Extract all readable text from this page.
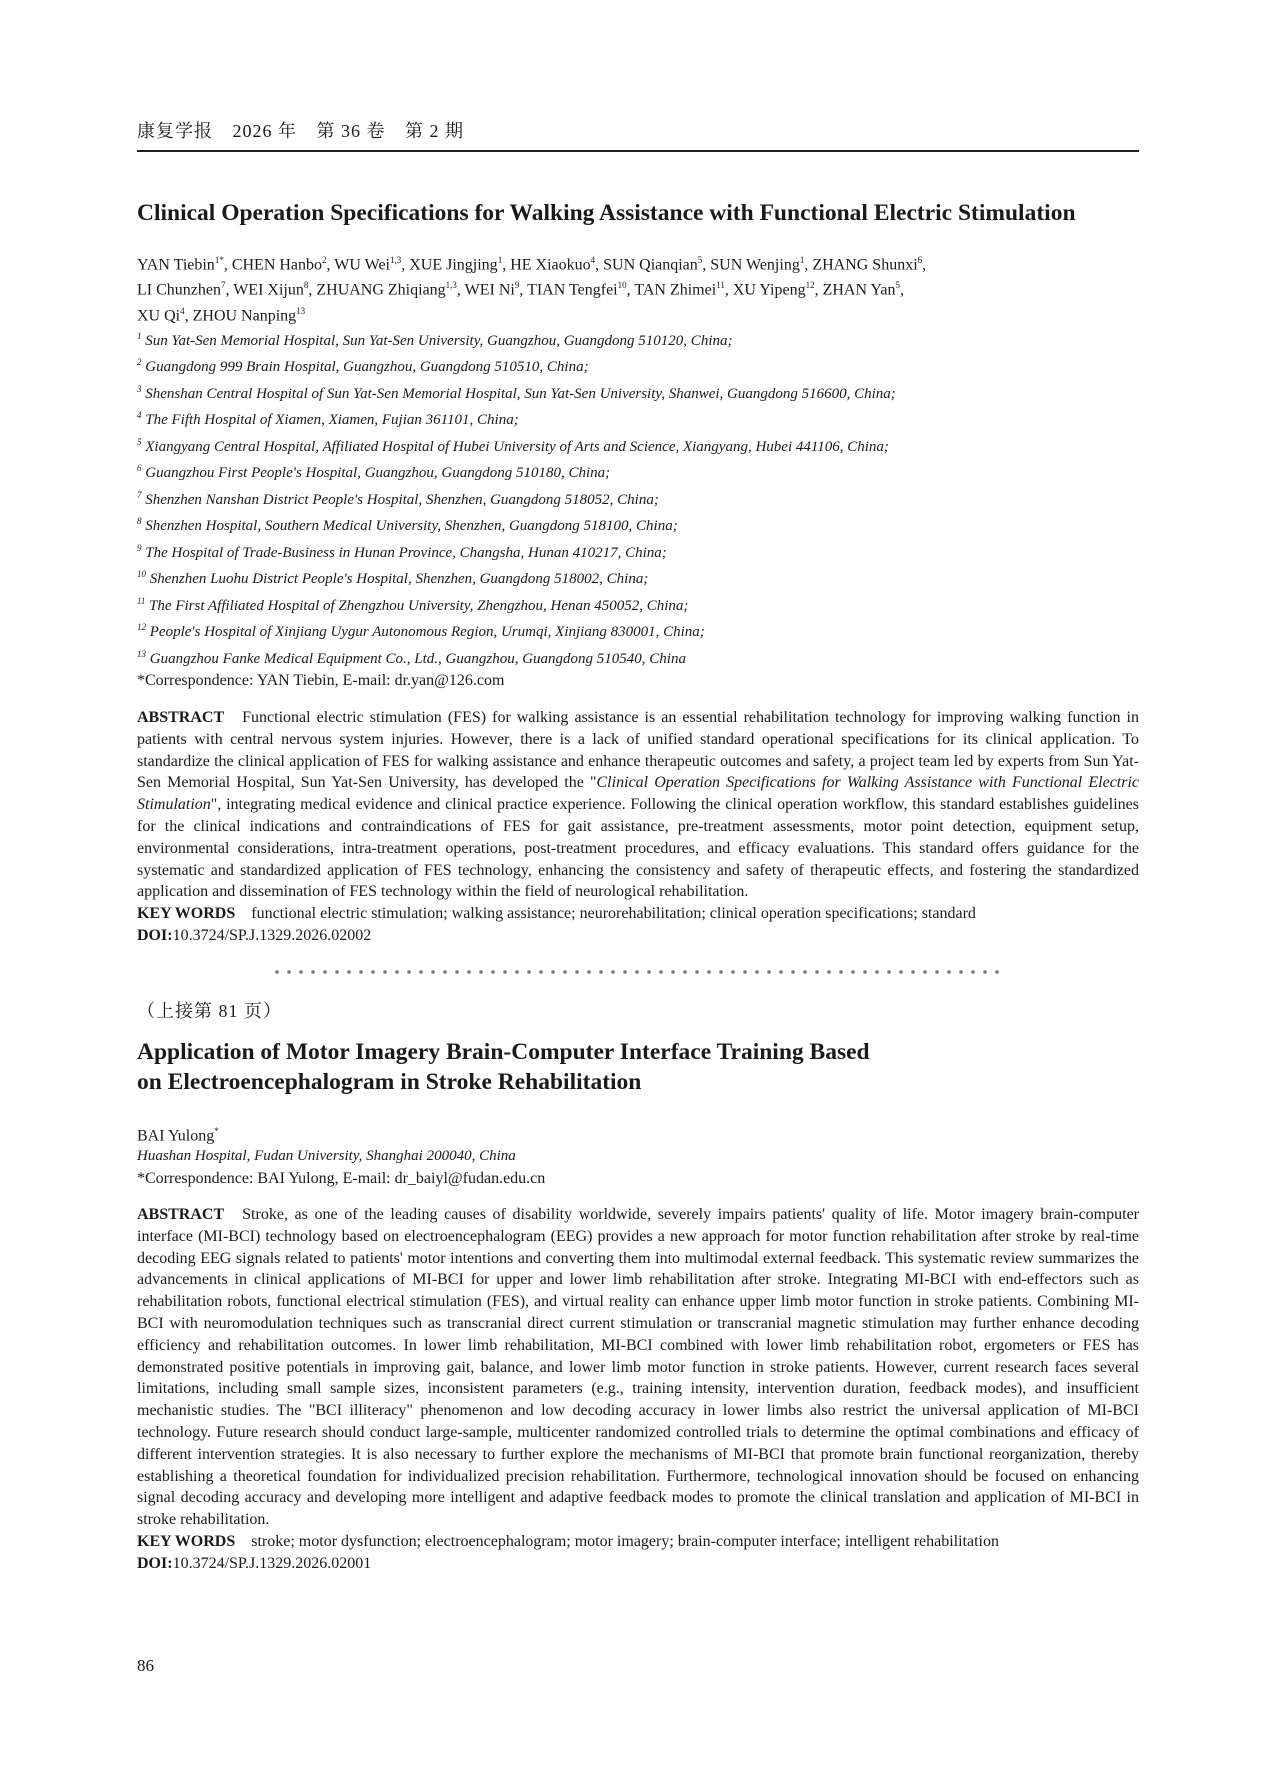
康复学报 2026 年 第 36 卷 第 2 期
Clinical Operation Specifications for Walking Assistance with Functional Electric Stimulation
YAN Tiebin$^{1*}$, CHEN Hanbo$^2$, WU Wei$^{1,3}$, XUE Jingjing$^1$, HE Xiaokuo$^4$, SUN Qianqian$^5$, SUN Wenjing$^1$, ZHANG Shunxi$^6$,
LI Chunzhen$^7$, WEI Xijun$^8$, ZHUANG Zhiqiang$^{1,3}$, WEI Ni$^9$, TIAN Tengfei$^{10}$, TAN Zhimei$^{11}$, XU Yipeng$^{12}$, ZHAN Yan$^5$,
XU Qi$^4$, ZHOU Nanping$^{13}$
$^1$ Sun Yat-Sen Memorial Hospital, Sun Yat-Sen University, Guangzhou, Guangdong 510120, China;
$^2$ Guangdong 999 Brain Hospital, Guangzhou, Guangdong 510510, China;
$^3$ Shenshan Central Hospital of Sun Yat-Sen Memorial Hospital, Sun Yat-Sen University, Shanwei, Guangdong 516600, China;
$^4$ The Fifth Hospital of Xiamen, Xiamen, Fujian 361101, China;
$^5$ Xiangyang Central Hospital, Affiliated Hospital of Hubei University of Arts and Science, Xiangyang, Hubei 441106, China;
$^6$ Guangzhou First People's Hospital, Guangzhou, Guangdong 510180, China;
$^7$ Shenzhen Nanshan District People's Hospital, Shenzhen, Guangdong 518052, China;
$^8$ Shenzhen Hospital, Southern Medical University, Shenzhen, Guangdong 518100, China;
$^9$ The Hospital of Trade-Business in Hunan Province, Changsha, Hunan 410217, China;
$^{10}$ Shenzhen Luohu District People's Hospital, Shenzhen, Guangdong 518002, China;
$^{11}$ The First Affiliated Hospital of Zhengzhou University, Zhengzhou, Henan 450052, China;
$^{12}$ People's Hospital of Xinjiang Uygur Autonomous Region, Urumqi, Xinjiang 830001, China;
$^{13}$ Guangzhou Fanke Medical Equipment Co., Ltd., Guangzhou, Guangdong 510540, China
*Correspondence: YAN Tiebin, E-mail: dr.yan@126.com
ABSTRACT Functional electric stimulation (FES) for walking assistance is an essential rehabilitation technology for improving walking function in patients with central nervous system injuries. However, there is a lack of unified standard operational specifications for its clinical application. To standardize the clinical application of FES for walking assistance and enhance therapeutic outcomes and safety, a project team led by experts from Sun Yat-Sen Memorial Hospital, Sun Yat-Sen University, has developed the "Clinical Operation Specifications for Walking Assistance with Functional Electric Stimulation", integrating medical evidence and clinical practice experience. Following the clinical operation workflow, this standard establishes guidelines for the clinical indications and contraindications of FES for gait assistance, pre-treatment assessments, motor point detection, equipment setup, environmental considerations, intra-treatment operations, post-treatment procedures, and efficacy evaluations. This standard offers guidance for the systematic and standardized application of FES technology, enhancing the consistency and safety of therapeutic effects, and fostering the standardized application and dissemination of FES technology within the field of neurological rehabilitation.
KEY WORDS functional electric stimulation; walking assistance; neurorehabilitation; clinical operation specifications; standard
DOI:10.3724/SP.J.1329.2026.02002
（上接第 81 页）
Application of Motor Imagery Brain-Computer Interface Training Based
on Electroencephalogram in Stroke Rehabilitation
BAI Yulong*
Huashan Hospital, Fudan University, Shanghai 200040, China
*Correspondence: BAI Yulong, E-mail: dr_baiyl@fudan.edu.cn
ABSTRACT Stroke, as one of the leading causes of disability worldwide, severely impairs patients' quality of life. Motor imagery brain-computer interface (MI-BCI) technology based on electroencephalogram (EEG) provides a new approach for motor function rehabilitation after stroke by real-time decoding EEG signals related to patients' motor intentions and converting them into multimodal external feedback. This systematic review summarizes the advancements in clinical applications of MI-BCI for upper and lower limb rehabilitation after stroke. Integrating MI-BCI with end-effectors such as rehabilitation robots, functional electrical stimulation (FES), and virtual reality can enhance upper limb motor function in stroke patients. Combining MI-BCI with neuromodulation techniques such as transcranial direct current stimulation or transcranial magnetic stimulation may further enhance decoding efficiency and rehabilitation outcomes. In lower limb rehabilitation, MI-BCI combined with lower limb rehabilitation robot, ergometers or FES has demonstrated positive potentials in improving gait, balance, and lower limb motor function in stroke patients. However, current research faces several limitations, including small sample sizes, inconsistent parameters (e.g., training intensity, intervention duration, feedback modes), and insufficient mechanistic studies. The "BCI illiteracy" phenomenon and low decoding accuracy in lower limbs also restrict the universal application of MI-BCI technology. Future research should conduct large-sample, multicenter randomized controlled trials to determine the optimal combinations and efficacy of different intervention strategies. It is also necessary to further explore the mechanisms of MI-BCI that promote brain functional reorganization, thereby establishing a theoretical foundation for individualized precision rehabilitation. Furthermore, technological innovation should be focused on enhancing signal decoding accuracy and developing more intelligent and adaptive feedback modes to promote the clinical translation and application of MI-BCI in stroke rehabilitation.
KEY WORDS stroke; motor dysfunction; electroencephalogram; motor imagery; brain-computer interface; intelligent rehabilitation
DOI:10.3724/SP.J.1329.2026.02001
86
